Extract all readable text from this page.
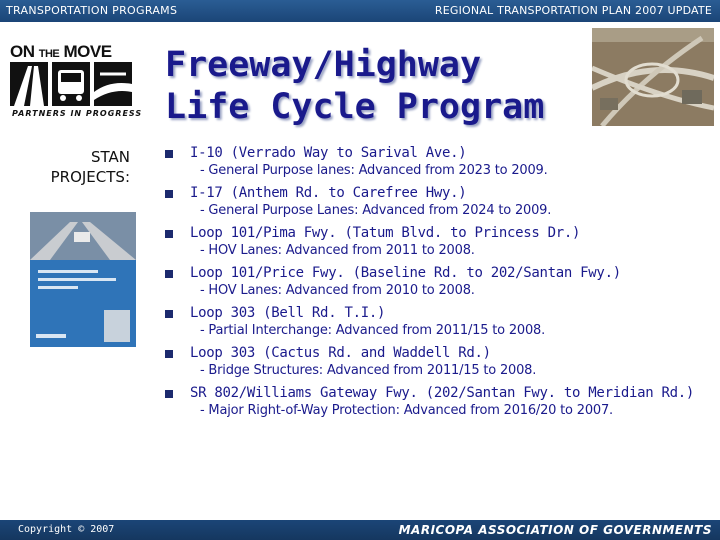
TRANSPORTATION PROGRAMS	REGIONAL TRANSPORTATION PLAN 2007 UPDATE
ON THE MOVE
PARTNERS IN PROGRESS
Freeway/Highway
Life Cycle Program
STAN
PROJECTS:
I-10 (Verrado Way to Sarival Ave.)
- General Purpose lanes: Advanced from 2023 to 2009.
I-17 (Anthem Rd. to Carefree Hwy.)
- General Purpose Lanes: Advanced from 2024 to 2009.
Loop 101/Pima Fwy. (Tatum Blvd. to Princess Dr.)
- HOV Lanes: Advanced from 2011 to 2008.
Loop 101/Price Fwy. (Baseline Rd. to 202/Santan Fwy.)
- HOV Lanes: Advanced from 2010 to 2008.
Loop 303 (Bell Rd. T.I.)
- Partial Interchange: Advanced from 2011/15 to 2008.
Loop 303 (Cactus Rd. and Waddell Rd.)
- Bridge Structures: Advanced from 2011/15 to 2008.
SR 802/Williams Gateway Fwy. (202/Santan Fwy. to Meridian Rd.)
- Major Right-of-Way Protection: Advanced from 2016/20 to 2007.
Copyright © 2007	MARICOPA ASSOCIATION OF GOVERNMENTS
